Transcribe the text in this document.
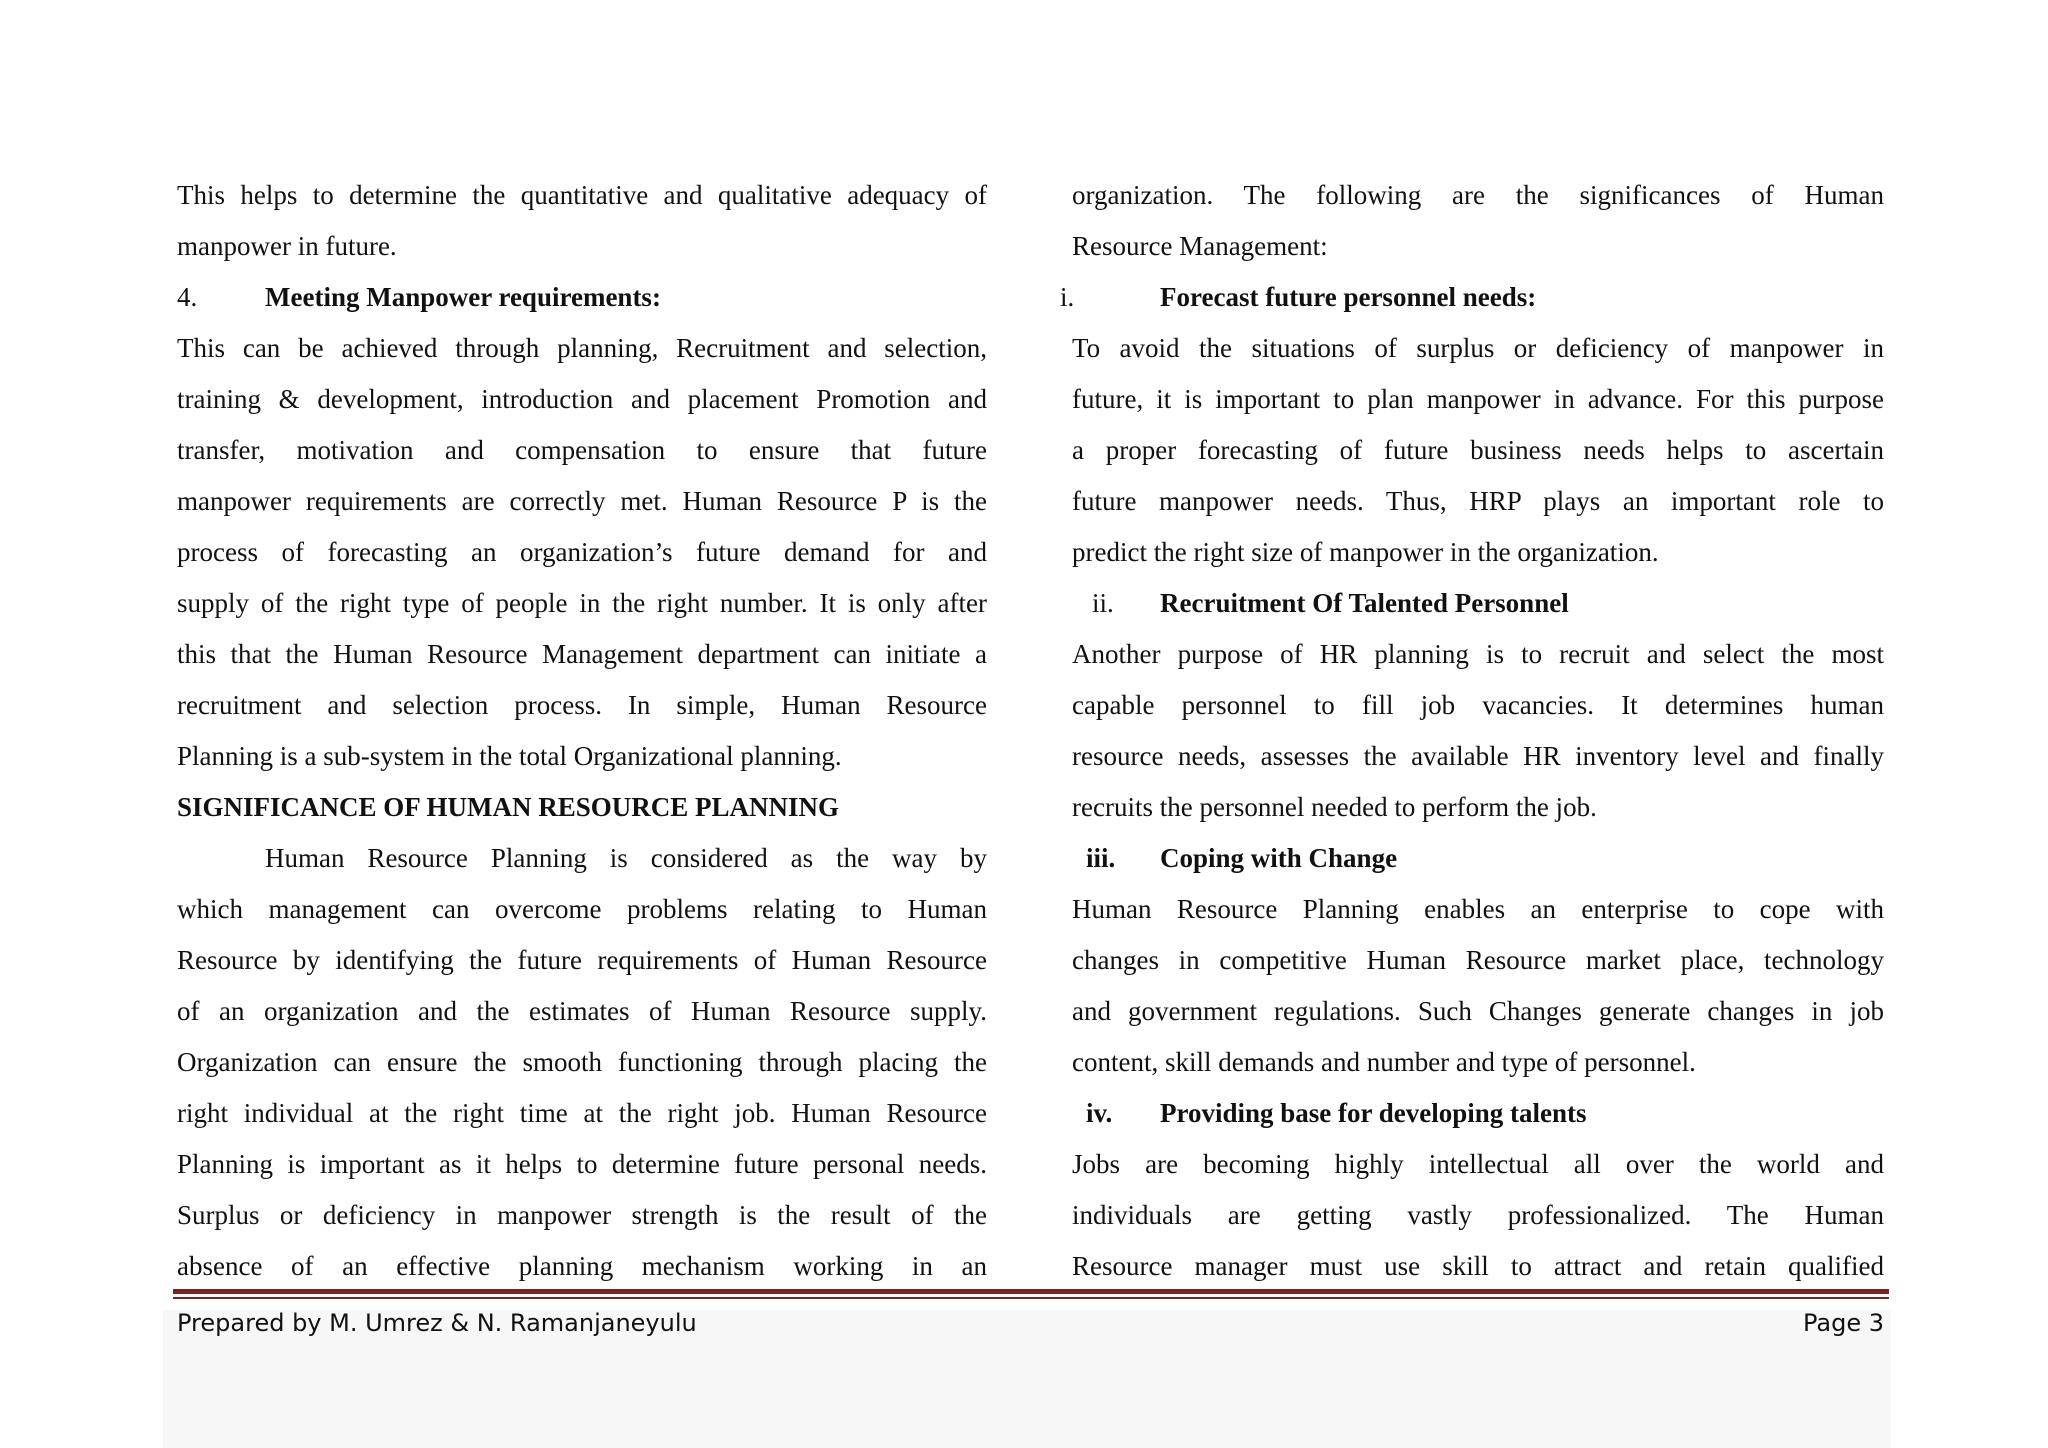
This helps to determine the quantitative and qualitative adequacy of
manpower in future.
4.	Meeting Manpower requirements:
This can be achieved through planning, Recruitment and selection,
training & development, introduction and placement Promotion and
transfer, motivation and compensation to ensure that future
manpower requirements are correctly met. Human Resource P is the
process of forecasting an organization’s future demand for and
supply of the right type of people in the right number. It is only after
this that the Human Resource Management department can initiate a
recruitment and selection process. In simple, Human Resource
Planning is a sub-system in the total Organizational planning.
SIGNIFICANCE OF HUMAN RESOURCE PLANNING
Human Resource Planning is considered as the way by
which management can overcome problems relating to Human
Resource by identifying the future requirements of Human Resource
of an organization and the estimates of Human Resource supply.
Organization can ensure the smooth functioning through placing the
right individual at the right time at the right job. Human Resource
Planning is important as it helps to determine future personal needs.
Surplus or deficiency in manpower strength is the result of the
absence of an effective planning mechanism working in an
organization. The following are the significances of Human
Resource Management:
i.	Forecast future personnel needs:
To avoid the situations of surplus or deficiency of manpower in
future, it is important to plan manpower in advance. For this purpose
a proper forecasting of future business needs helps to ascertain
future manpower needs. Thus, HRP plays an important role to
predict the right size of manpower in the organization.
ii. Recruitment Of Talented Personnel
Another purpose of HR planning is to recruit and select the most
capable personnel to fill job vacancies. It determines human
resource needs, assesses the available HR inventory level and finally
recruits the personnel needed to perform the job.
iii. Coping with Change
Human Resource Planning enables an enterprise to cope with
changes in competitive Human Resource market place, technology
and government regulations. Such Changes generate changes in job
content, skill demands and number and type of personnel.
iv. Providing base for developing talents
Jobs are becoming highly intellectual all over the world and
individuals are getting vastly professionalized. The Human
Resource manager must use skill to attract and retain qualified
Prepared by M. Umrez & N. Ramanjaneyulu	Page 3
